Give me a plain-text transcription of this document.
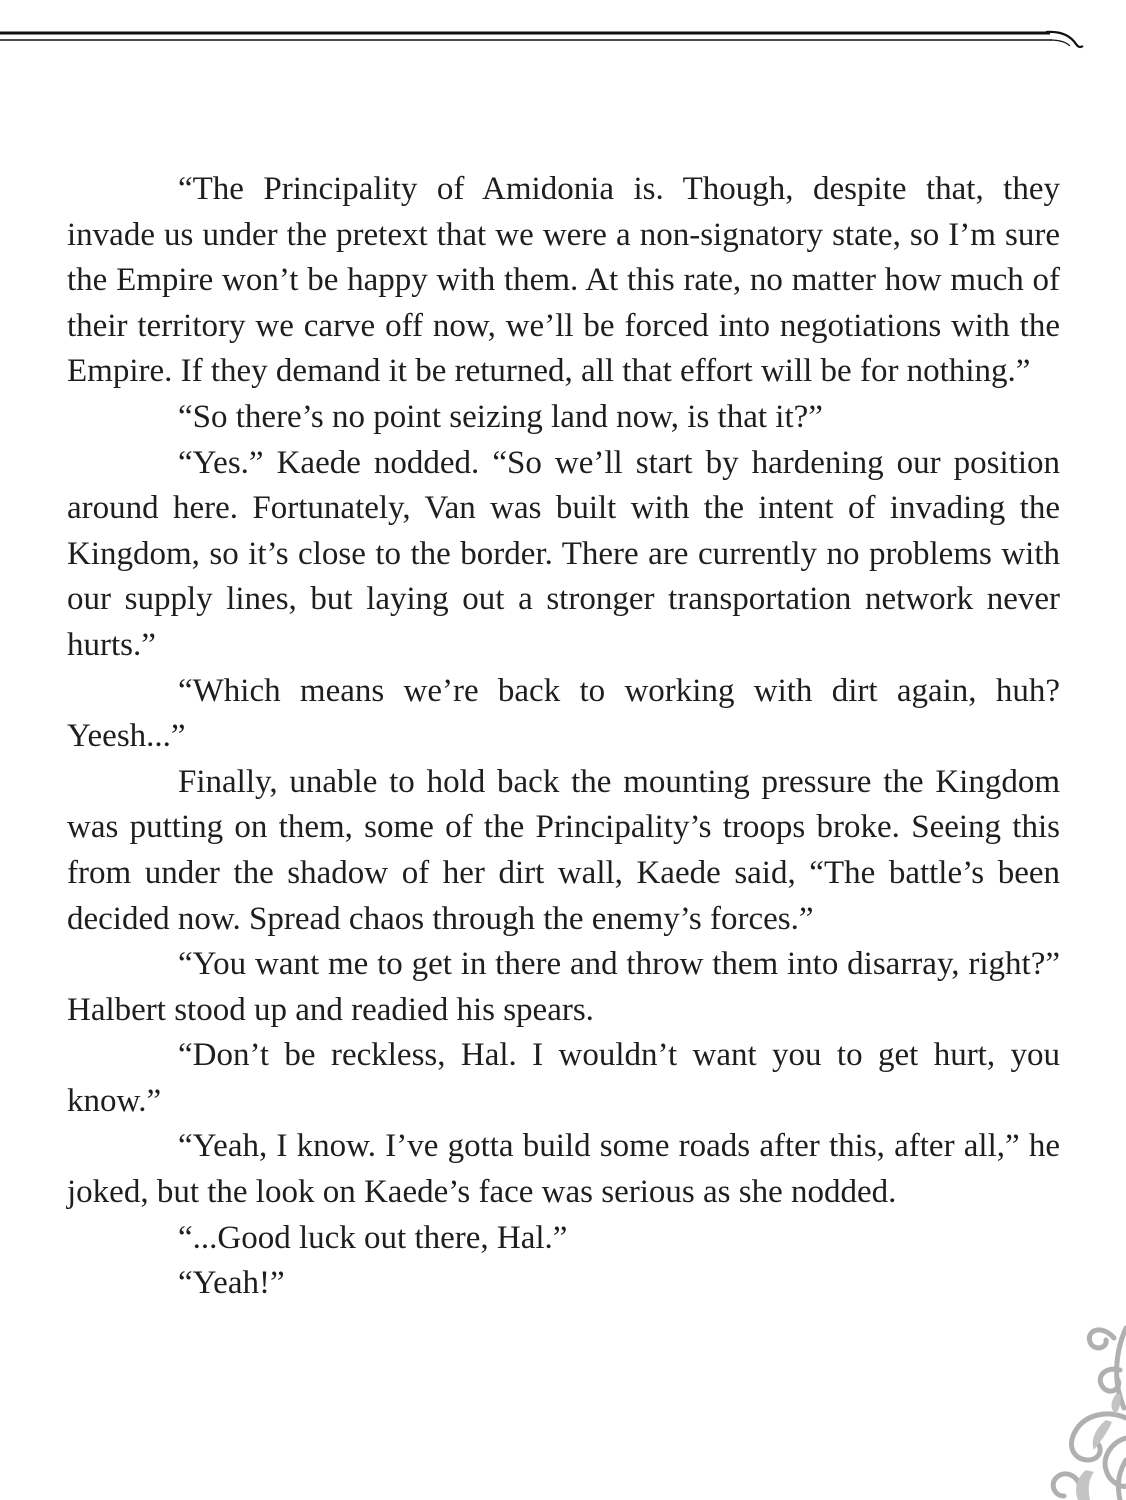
“The Principality of Amidonia is. Though, despite that, they invade us under the pretext that we were a non-signatory state, so I’m sure the Empire won’t be happy with them. At this rate, no matter how much of their territory we carve off now, we’ll be forced into negotiations with the Empire. If they demand it be returned, all that effort will be for nothing.”

“So there’s no point seizing land now, is that it?”

“Yes.” Kaede nodded. “So we’ll start by hardening our position around here. Fortunately, Van was built with the intent of invading the Kingdom, so it’s close to the border. There are currently no problems with our supply lines, but laying out a stronger transportation network never hurts.”

“Which means we’re back to working with dirt again, huh? Yeesh...”

Finally, unable to hold back the mounting pressure the Kingdom was putting on them, some of the Principality’s troops broke. Seeing this from under the shadow of her dirt wall, Kaede said, “The battle’s been decided now. Spread chaos through the enemy’s forces.”

“You want me to get in there and throw them into disarray, right?” Halbert stood up and readied his spears.

“Don’t be reckless, Hal. I wouldn’t want you to get hurt, you know.”

“Yeah, I know. I’ve gotta build some roads after this, after all,” he joked, but the look on Kaede’s face was serious as she nodded.

“...Good luck out there, Hal.”

“Yeah!”
